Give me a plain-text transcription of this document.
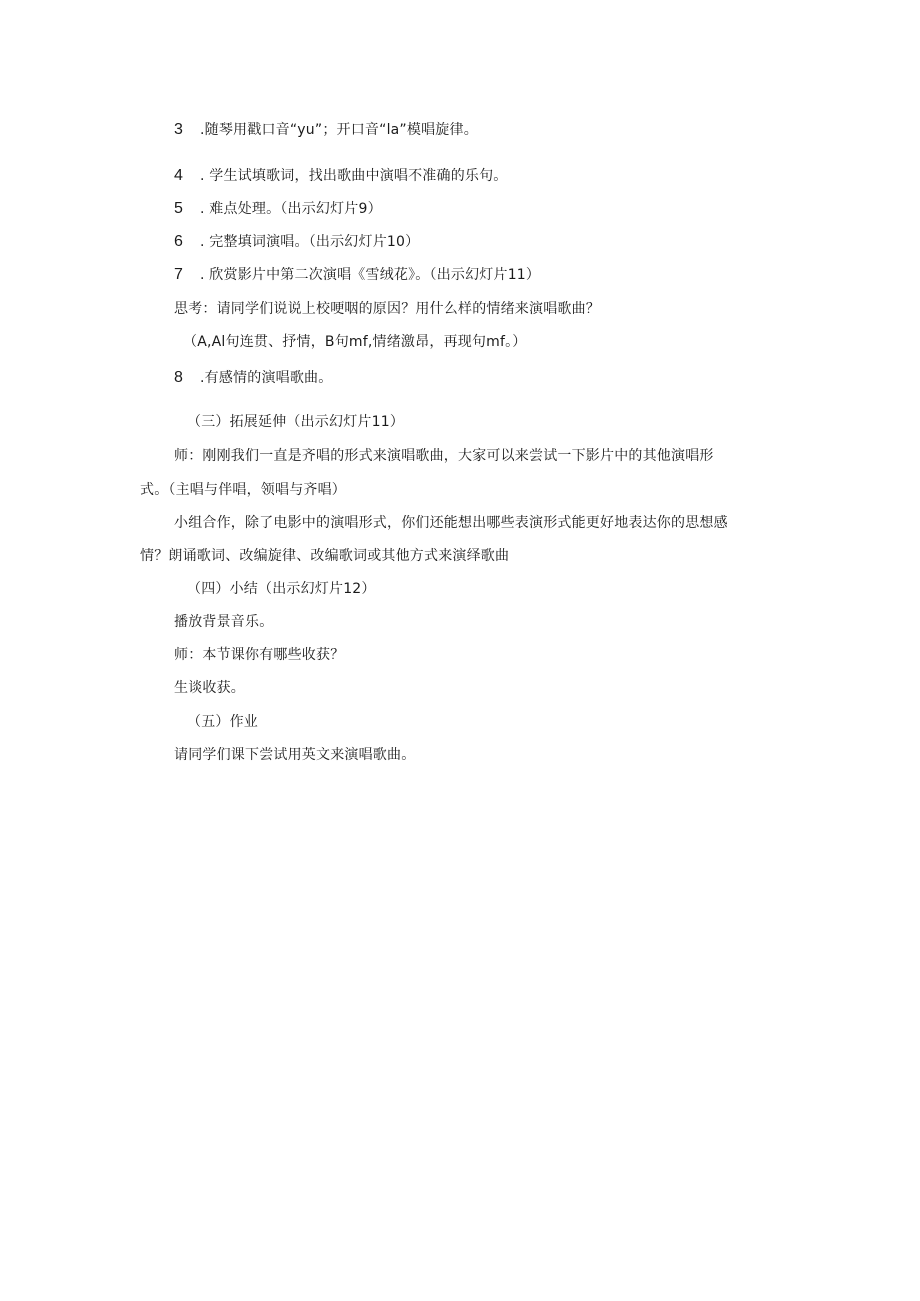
3 .随琴用戳口音“yu”；开口音“la”模唱旋律。
4 . 学生试填歌词，找出歌曲中演唱不准确的乐句。
5 . 难点处理。（出示幻灯片9）
6 . 完整填词演唱。（出示幻灯片10）
7 . 欣赏影片中第二次演唱《雪绒花》。（出示幻灯片11）
思考：请同学们说说上校哽咽的原因？用什么样的情绪来演唱歌曲？
（A,Al句连贯、抒情，B句mf,情绪激昂，再现句mf。）
8 .有感情的演唱歌曲。
（三）拓展延伸（出示幻灯片11）
师：刚刚我们一直是齐唱的形式来演唱歌曲，大家可以来尝试一下影片中的其他演唱形
式。（主唱与伴唱，领唱与齐唱）
小组合作，除了电影中的演唱形式，你们还能想出哪些表演形式能更好地表达你的思想感
情？朗诵歌词、改编旋律、改编歌词或其他方式来演绎歌曲
（四）小结（出示幻灯片12）
播放背景音乐。
师：本节课你有哪些收获？
生谈收获。
（五）作业
请同学们课下尝试用英文来演唱歌曲。
